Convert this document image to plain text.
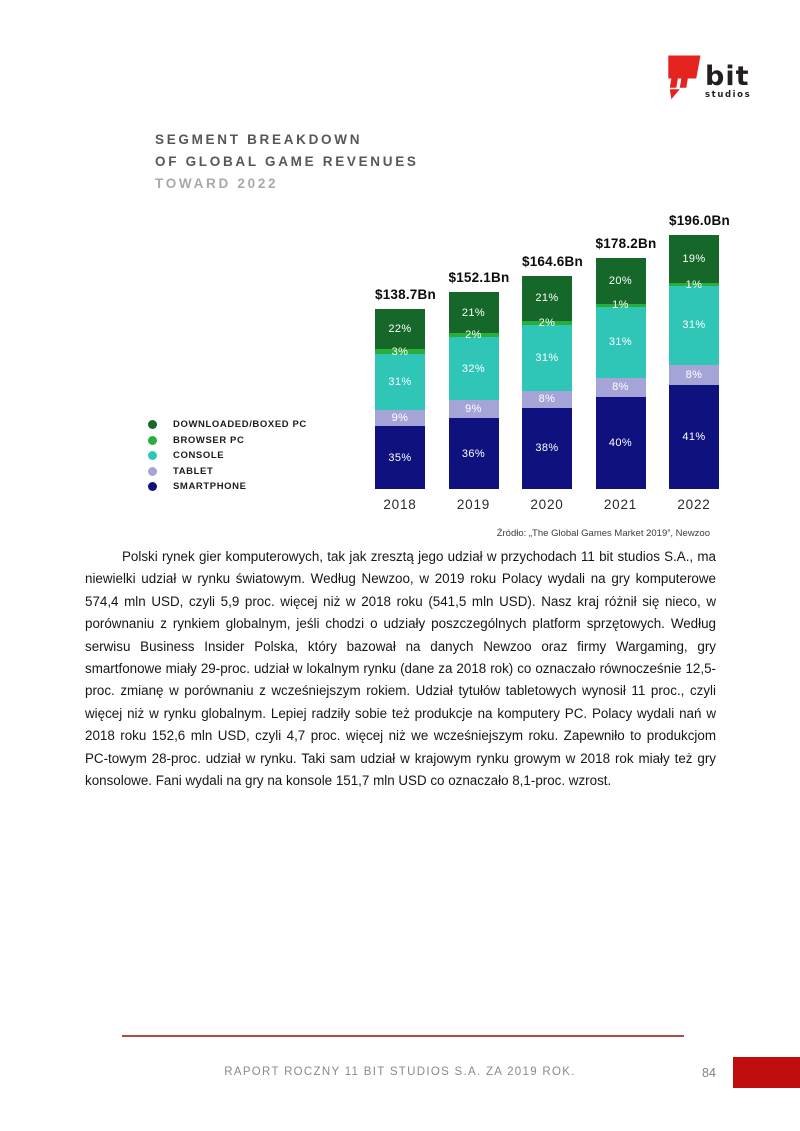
bit
studios
SEGMENT BREAKDOWN
OF GLOBAL GAME REVENUES
TOWARD 2022
$138.7Bn
22%
3%
31%
9%
35%
$152.1Bn
21%
2%
32%
9%
36%
$164.6Bn
21%
2%
31%
8%
38%
$178.2Bn
20%
1%
31%
8%
40%
$196.0Bn
19%
1%
31%
8%
41%
2018	2019	2020	2021	2022
DOWNLOADED/BOXED PC
BROWSER PC
CONSOLE
TABLET
SMARTPHONE
Źródło: „The Global Games Market 2019”, Newzoo

Polski rynek gier komputerowych, tak jak zresztą jego udział w przychodach 11 bit studios S.A., ma niewielki udział w rynku światowym. Według Newzoo, w 2019 roku Polacy wydali na gry komputerowe 574,4 mln USD, czyli 5,9 proc. więcej niż w 2018 roku (541,5 mln USD). Nasz kraj różnił się nieco, w porównaniu z rynkiem globalnym, jeśli chodzi o udziały poszczególnych platform sprzętowych. Według serwisu Business Insider Polska, który bazował na danych Newzoo oraz firmy Wargaming, gry smartfonowe miały 29-proc. udział w lokalnym rynku (dane za 2018 rok) co oznaczało równocześnie 12,5-proc. zmianę w porównaniu z wcześniejszym rokiem. Udział tytułów tabletowych wynosił 11 proc., czyli więcej niż w rynku globalnym. Lepiej radziły sobie też produkcje na komputery PC. Polacy wydali nań w 2018 roku 152,6 mln USD, czyli 4,7 proc. więcej niż we wcześniejszym roku. Zapewniło to produkcjom PC-towym 28-proc. udział w rynku. Taki sam udział w krajowym rynku growym w 2018 rok miały też gry konsolowe. Fani wydali na gry na konsole 151,7 mln USD co oznaczało 8,1-proc. wzrost.

RAPORT ROCZNY 11 BIT STUDIOS S.A. ZA 2019 ROK.	84
